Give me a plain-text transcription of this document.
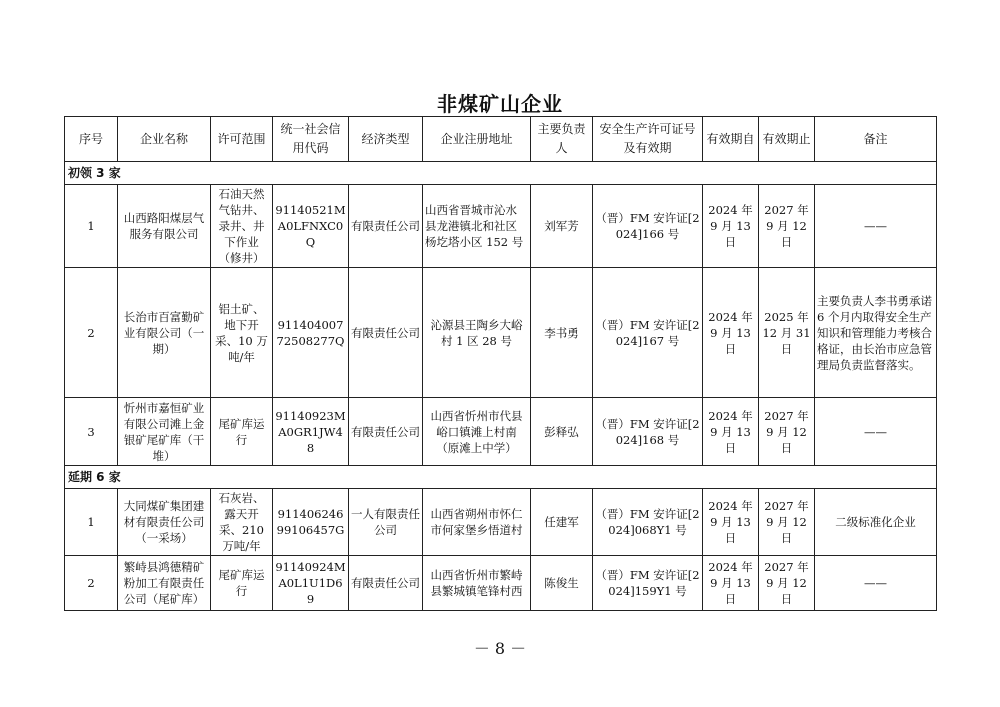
非煤矿山企业
序号	企业名称	许可范围	统一社会信用代码	经济类型	企业注册地址	主要负责人	安全生产许可证号及有效期	有效期自	有效期止	备注
初领 3 家										
1	山西路阳煤层气服务有限公司	石油天然气钻井、录井、井下作业（修井）	91140521MA0LFNXC0Q	有限责任公司	山西省晋城市沁水县龙港镇北和社区杨圪塔小区 152 号	刘军芳	（晋）FM 安许证[2024]166 号	2024 年 9 月 13 日	2027 年 9 月 12 日	——
2	长治市百富勤矿业有限公司（一期）	铝土矿、地下开采、10 万吨/年	91140400772508277Q	有限责任公司	沁源县王陶乡大峪村 1 区 28 号	李书勇	（晋）FM 安许证[2024]167 号	2024 年 9 月 13 日	2025 年 12 月 31 日	主要负责人李书勇承诺 6 个月内取得安全生产知识和管理能力考核合格证，由长治市应急管理局负责监督落实。
3	忻州市嘉恒矿业有限公司滩上金银矿尾矿库（干堆）	尾矿库运行	91140923MA0GR1JW48	有限责任公司	山西省忻州市代县峪口镇滩上村南（原滩上中学）	彭释弘	（晋）FM 安许证[2024]168 号	2024 年 9 月 13 日	2027 年 9 月 12 日	——
延期 6 家										
1	大同煤矿集团建材有限责任公司（一采场）	石灰岩、露天开采、210 万吨/年	91140624699106457G	一人有限责任公司	山西省朔州市怀仁市何家堡乡悟道村	任建军	（晋）FM 安许证[2024]068Y1 号	2024 年 9 月 13 日	2027 年 9 月 12 日	二级标准化企业
2	繁峙县鸿德精矿粉加工有限责任公司（尾矿库）	尾矿库运行	91140924MA0L1U1D69	有限责任公司	山西省忻州市繁峙县繁城镇笔锋村西	陈俊生	（晋）FM 安许证[2024]159Y1 号	2024 年 9 月 13 日	2027 年 9 月 12 日	——
－ 8 －
